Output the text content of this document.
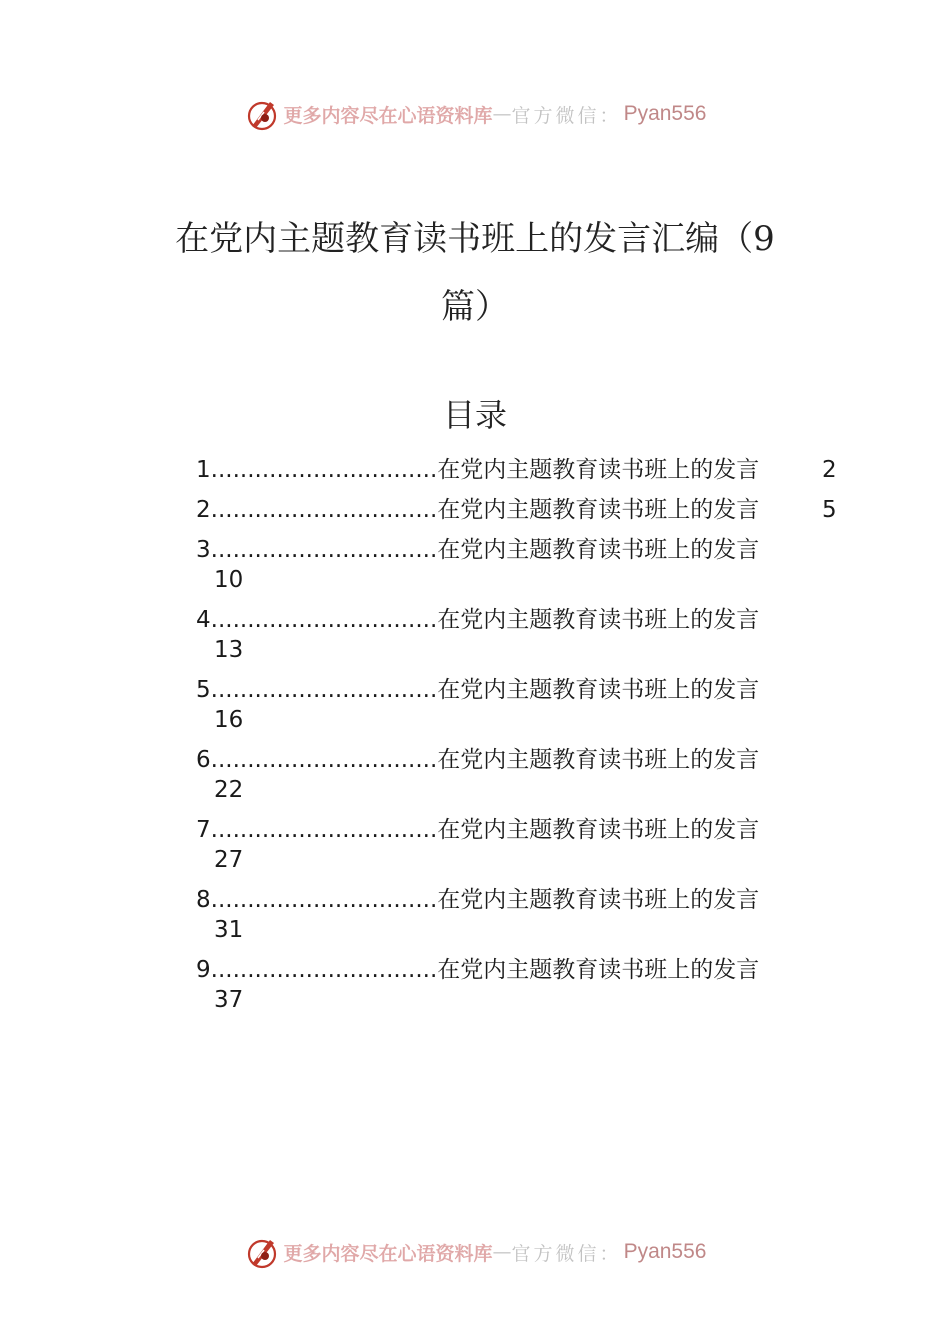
更多内容尽在心语资料库 — 官方微信： Pyan556
在党内主题教育读书班上的发言汇编（9
篇）
目录
1...............................在党内主题教育读书班上的发言	2
2...............................在党内主题教育读书班上的发言	5
3...............................在党内主题教育读书班上的发言
10
4...............................在党内主题教育读书班上的发言
13
5...............................在党内主题教育读书班上的发言
16
6...............................在党内主题教育读书班上的发言
22
7...............................在党内主题教育读书班上的发言
27
8...............................在党内主题教育读书班上的发言
31
9...............................在党内主题教育读书班上的发言
37
更多内容尽在心语资料库 — 官方微信： Pyan556
